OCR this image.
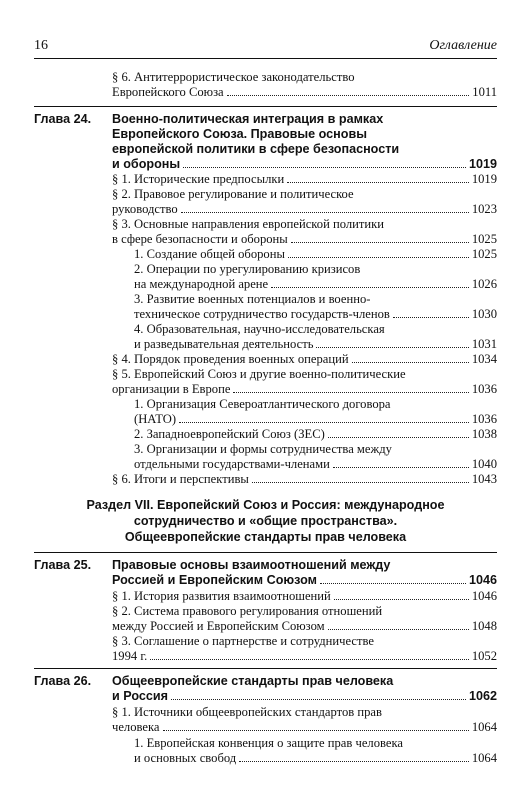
16	Оглавление
§ 6. Антитеррористическое законодательство
Европейского Союза	1011
Глава 24. Военно-политическая интеграция в рамках
Европейского Союза. Правовые основы
европейской политики в сфере безопасности
и обороны	1019
§ 1. Исторические предпосылки	1019
§ 2. Правовое регулирование и политическое
руководство	1023
§ 3. Основные направления европейской политики
в сфере безопасности и обороны	1025
1. Создание общей обороны	1025
2. Операции по урегулированию кризисов
на международной арене	1026
3. Развитие военных потенциалов и военно-
техническое сотрудничество государств-членов	1030
4. Образовательная, научно-исследовательская
и разведывательная деятельность	1031
§ 4. Порядок проведения военных операций	1034
§ 5. Европейский Союз и другие военно-политические
организации в Европе	1036
1. Организация Североатлантического договора
(НАТО)	1036
2. Западноевропейский Союз (ЗЕС)	1038
3. Организации и формы сотрудничества между
отдельными государствами-членами	1040
§ 6. Итоги и перспективы	1043
Раздел VII. Европейский Союз и Россия: международное
сотрудничество и «общие пространства».
Общеевропейские стандарты прав человека
Глава 25. Правовые основы взаимоотношений между
Россией и Европейским Союзом	1046
§ 1. История развития взаимоотношений	1046
§ 2. Система правового регулирования отношений
между Россией и Европейским Союзом	1048
§ 3. Соглашение о партнерстве и сотрудничестве
1994 г.	1052
Глава 26. Общеевропейские стандарты прав человека
и Россия	1062
§ 1. Источники общеевропейских стандартов прав
человека	1064
1. Европейская конвенция о защите прав человека
и основных свобод	1064
